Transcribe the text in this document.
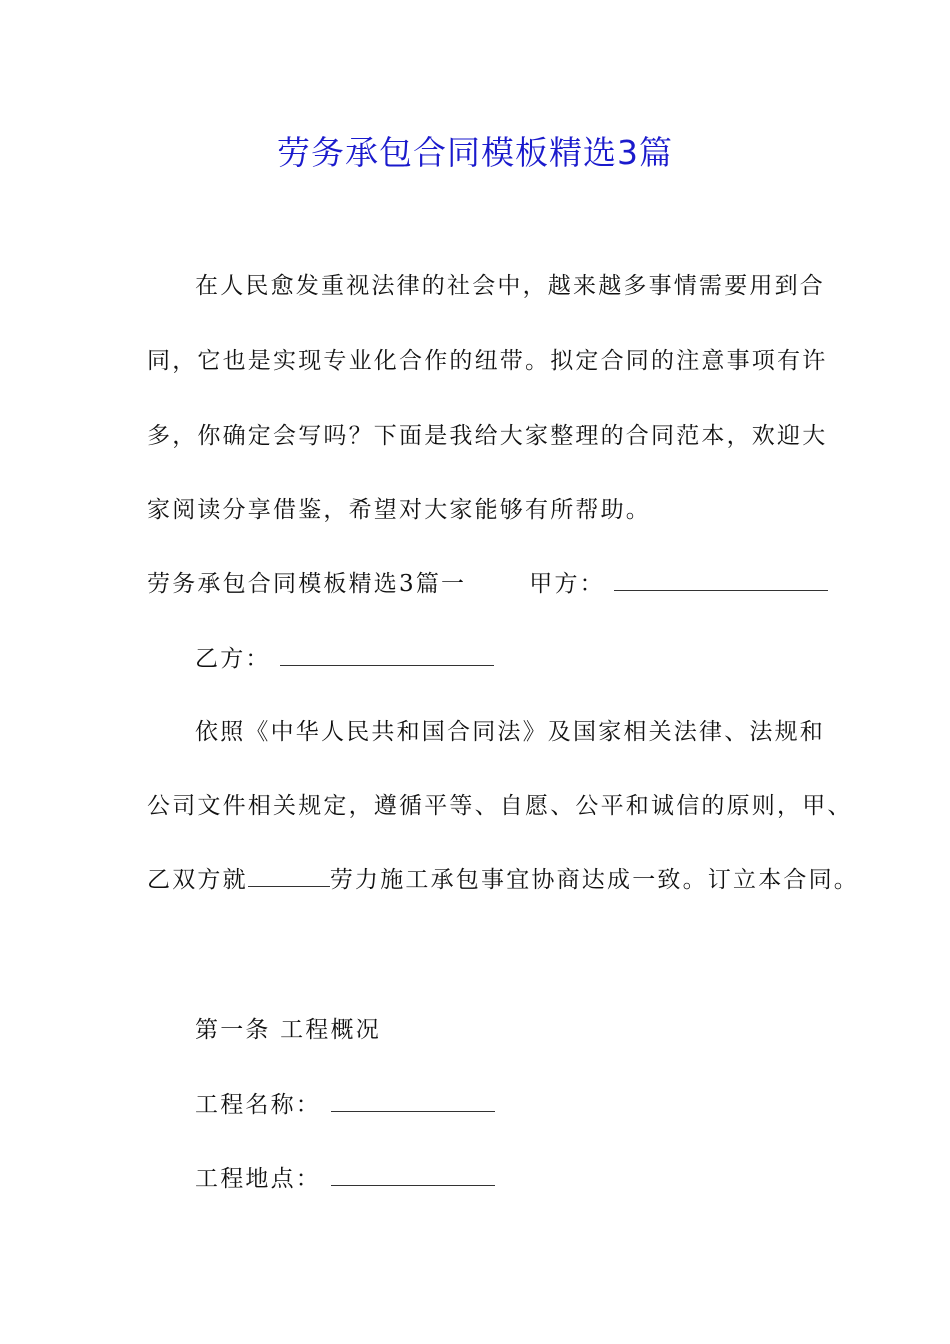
劳务承包合同模板精选3篇
在人民愈发重视法律的社会中，越来越多事情需要用到合
同，它也是实现专业化合作的纽带。拟定合同的注意事项有许
多，你确定会写吗？下面是我给大家整理的合同范本，欢迎大
家阅读分享借鉴，希望对大家能够有所帮助。
劳务承包合同模板精选3篇一	甲方：
乙方：
依照《中华人民共和国合同法》及国家相关法律、法规和
公司文件相关规定，遵循平等、自愿、公平和诚信的原则，甲、
乙双方就	劳力施工承包事宜协商达成一致。订立本合同。
第一条 工程概况
工程名称：
工程地点：
